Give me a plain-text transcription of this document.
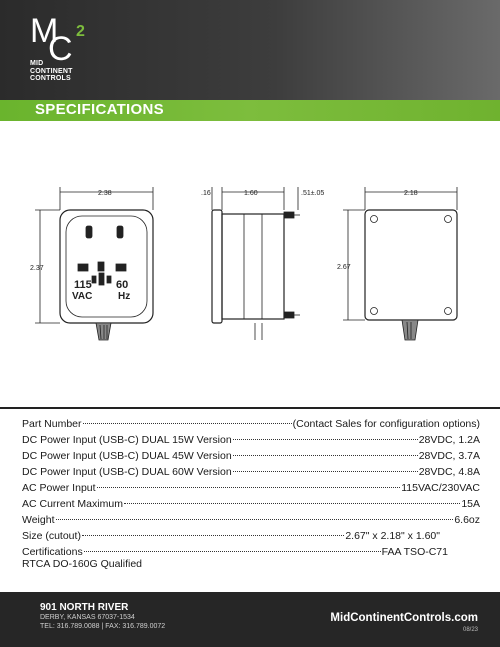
M
C 2
MID
CONTINENT
CONTROLS
SPECIFICATIONS
2.38
2.37
.16	1.60	.51±.05	2.18
2.67
115
VAC
60
Hz
Part Number	(Contact Sales for configuration options)
DC Power Input (USB-C) DUAL 15W Version	28VDC, 1.2A
DC Power Input (USB-C) DUAL 45W Version	28VDC, 3.7A
DC Power Input (USB-C) DUAL 60W Version	28VDC, 4.8A
AC Power Input	115VAC/230VAC
AC Current Maximum	15A
Weight	6.6oz
Size (cutout)	2.67" x 2.18" x 1.60"
Certifications	FAA TSO-C71
RTCA DO-160G Qualified
901 NORTH RIVER
DERBY, KANSAS 67037-1534
TEL: 316.789.0088 | FAX: 316.789.0072
MidContinentControls.com
08/23
